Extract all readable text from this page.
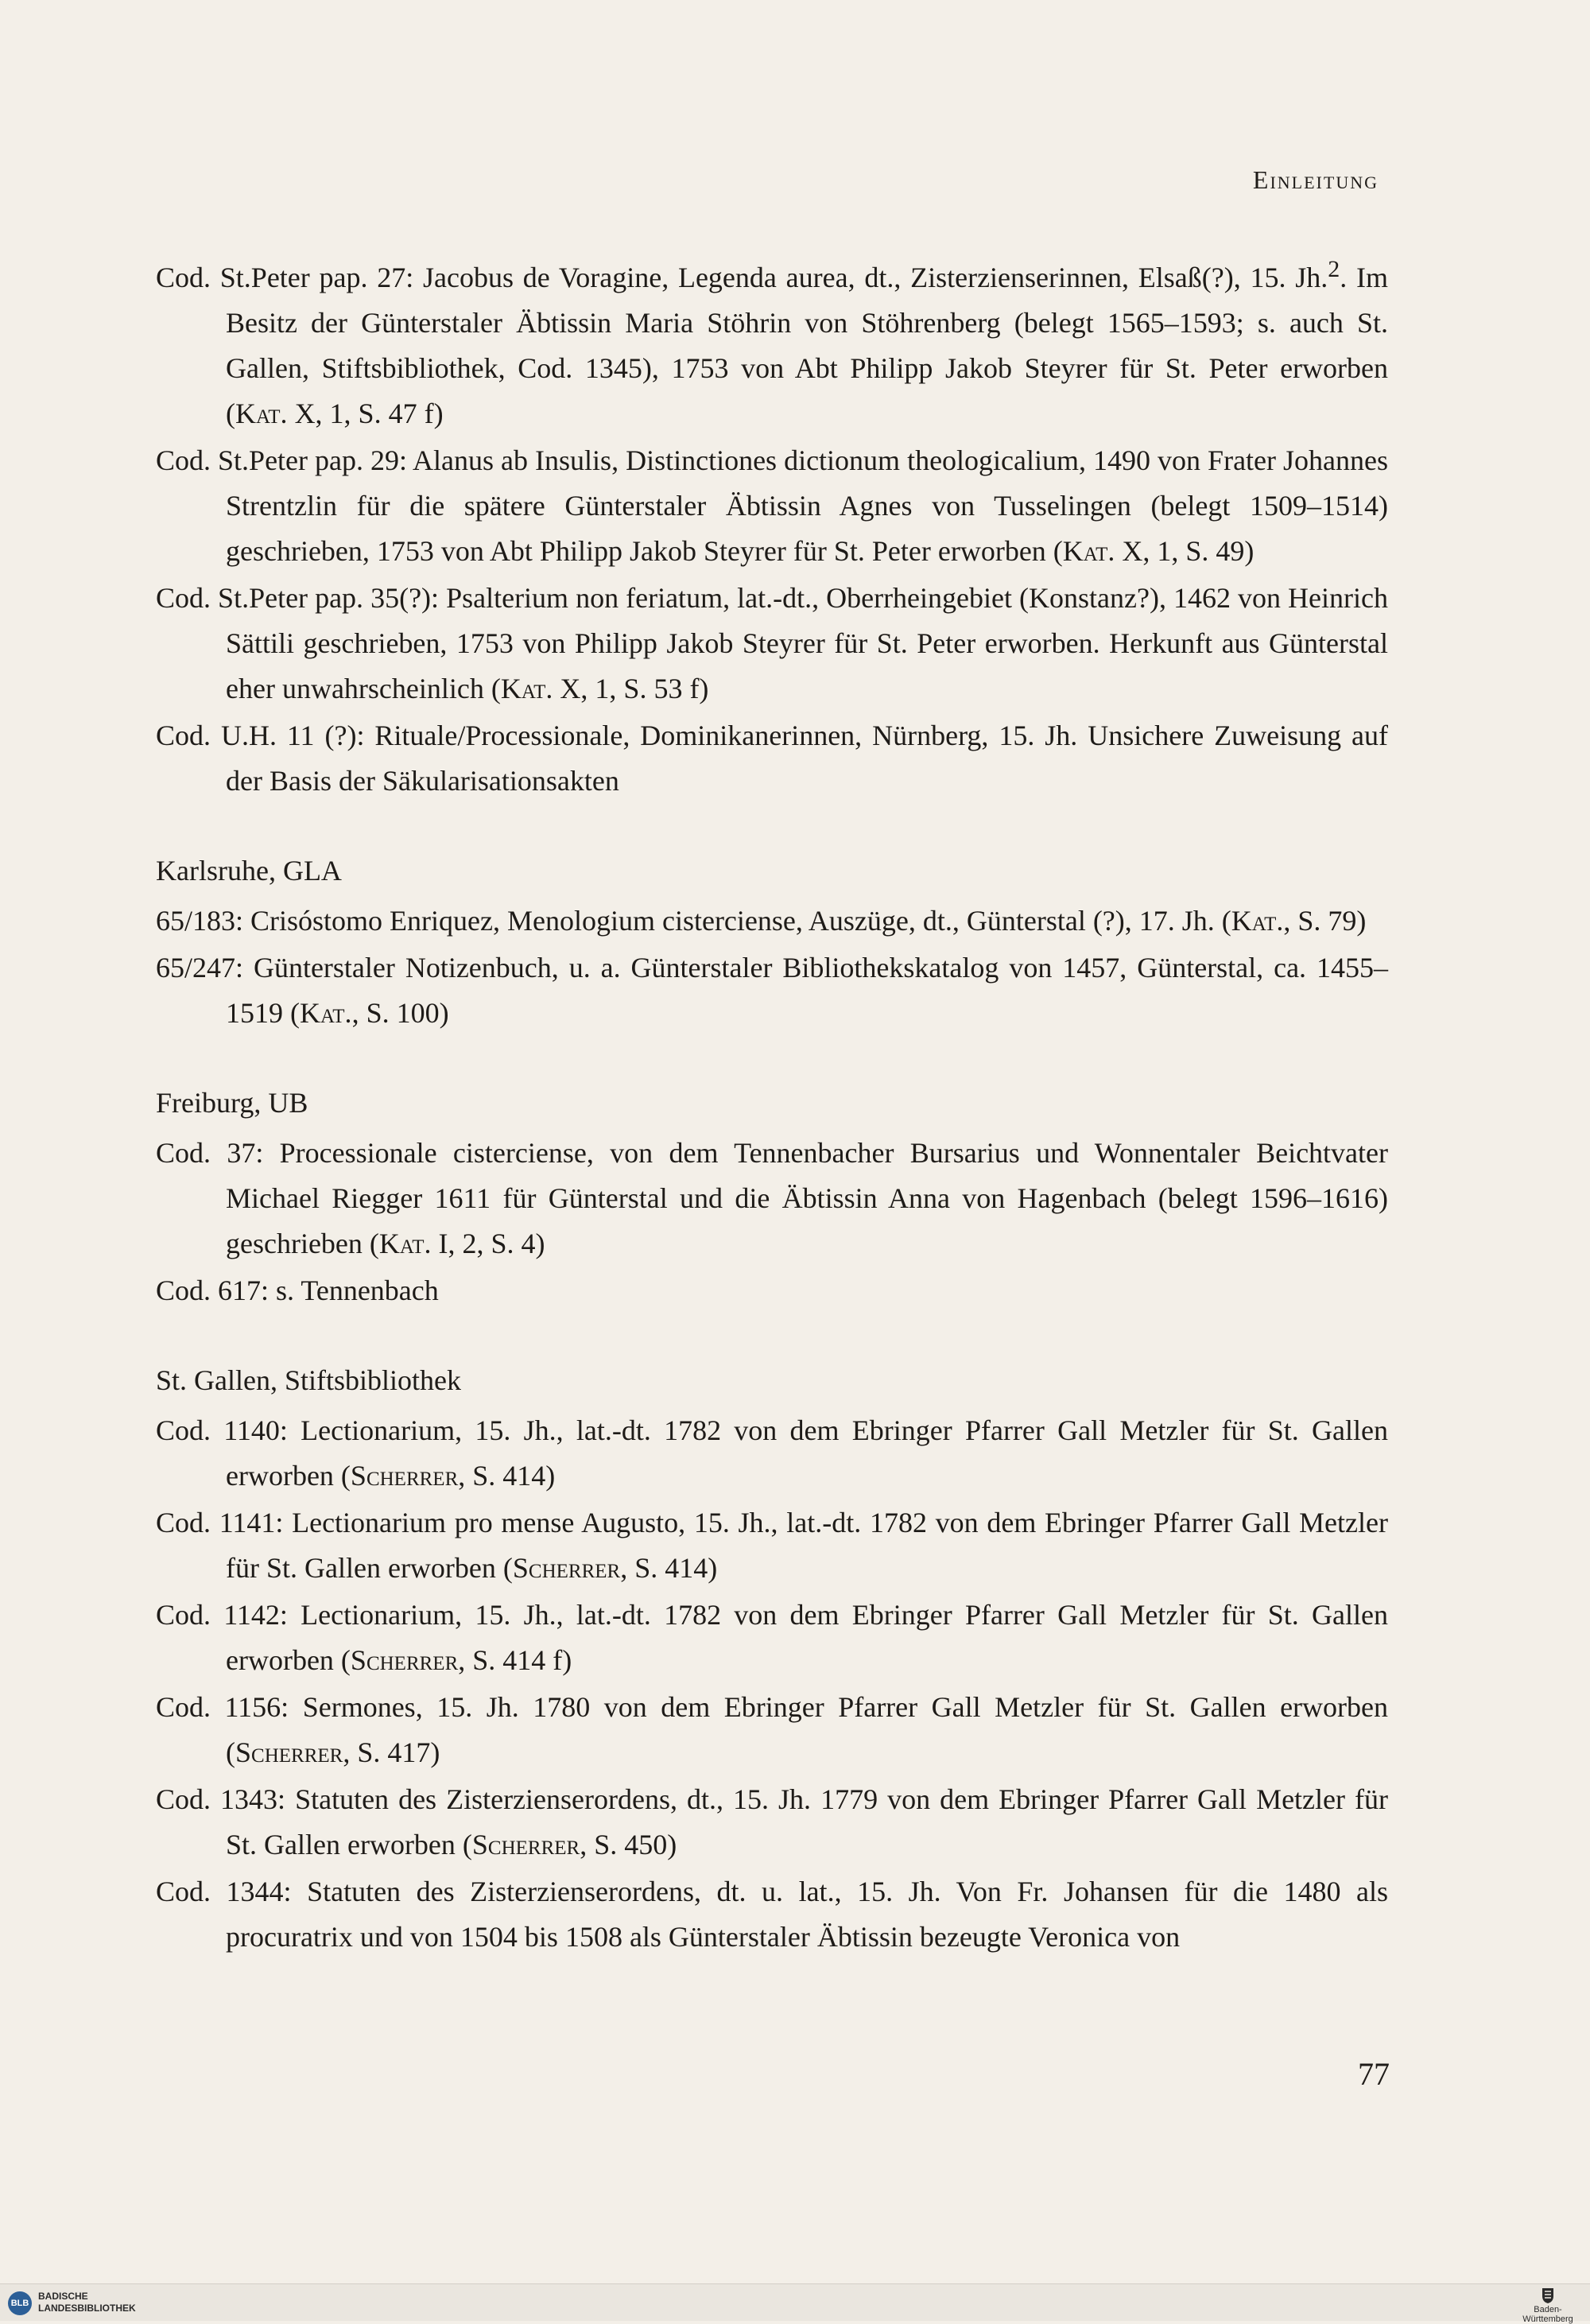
Einleitung
Cod. St.Peter pap. 27: Jacobus de Voragine, Legenda aurea, dt., Zisterzienserinnen, Elsaß(?), 15. Jh.$^2$. Im Besitz der Günterstaler Äbtissin Maria Stöhrin von Stöhrenberg (belegt 1565–1593; s. auch St. Gallen, Stiftsbibliothek, Cod. 1345), 1753 von Abt Philipp Jakob Steyrer für St. Peter erworben (Kat. X, 1, S. 47 f)
Cod. St.Peter pap. 29: Alanus ab Insulis, Distinctiones dictionum theologicalium, 1490 von Frater Johannes Strentzlin für die spätere Günterstaler Äbtissin Agnes von Tusselingen (belegt 1509–1514) geschrieben, 1753 von Abt Philipp Jakob Steyrer für St. Peter erworben (Kat. X, 1, S. 49)
Cod. St.Peter pap. 35(?): Psalterium non feriatum, lat.-dt., Oberrheingebiet (Konstanz?), 1462 von Heinrich Sättili geschrieben, 1753 von Philipp Jakob Steyrer für St. Peter erworben. Herkunft aus Günterstal eher unwahrscheinlich (Kat. X, 1, S. 53 f)
Cod. U.H. 11 (?): Rituale/Processionale, Dominikanerinnen, Nürnberg, 15. Jh. Unsichere Zuweisung auf der Basis der Säkularisationsakten
Karlsruhe, GLA
65/183: Crisóstomo Enriquez, Menologium cisterciense, Auszüge, dt., Günterstal (?), 17. Jh. (Kat., S. 79)
65/247: Günterstaler Notizenbuch, u. a. Günterstaler Bibliothekskatalog von 1457, Günterstal, ca. 1455–1519 (Kat., S. 100)
Freiburg, UB
Cod. 37: Processionale cisterciense, von dem Tennenbacher Bursarius und Wonnentaler Beichtvater Michael Riegger 1611 für Günterstal und die Äbtissin Anna von Hagenbach (belegt 1596–1616) geschrieben (Kat. I, 2, S. 4)
Cod. 617: s. Tennenbach
St. Gallen, Stiftsbibliothek
Cod. 1140: Lectionarium, 15. Jh., lat.-dt. 1782 von dem Ebringer Pfarrer Gall Metzler für St. Gallen erworben (Scherrer, S. 414)
Cod. 1141: Lectionarium pro mense Augusto, 15. Jh., lat.-dt. 1782 von dem Ebringer Pfarrer Gall Metzler für St. Gallen erworben (Scherrer, S. 414)
Cod. 1142: Lectionarium, 15. Jh., lat.-dt. 1782 von dem Ebringer Pfarrer Gall Metzler für St. Gallen erworben (Scherrer, S. 414 f)
Cod. 1156: Sermones, 15. Jh. 1780 von dem Ebringer Pfarrer Gall Metzler für St. Gallen erworben (Scherrer, S. 417)
Cod. 1343: Statuten des Zisterzienserordens, dt., 15. Jh. 1779 von dem Ebringer Pfarrer Gall Metzler für St. Gallen erworben (Scherrer, S. 450)
Cod. 1344: Statuten des Zisterzienserordens, dt. u. lat., 15. Jh. Von Fr. Johansen für die 1480 als procuratrix und von 1504 bis 1508 als Günterstaler Äbtissin bezeugte Veronica von
77
BLB
BADISCHE
LANDESBIBLIOTHEK	Baden-Württemberg
